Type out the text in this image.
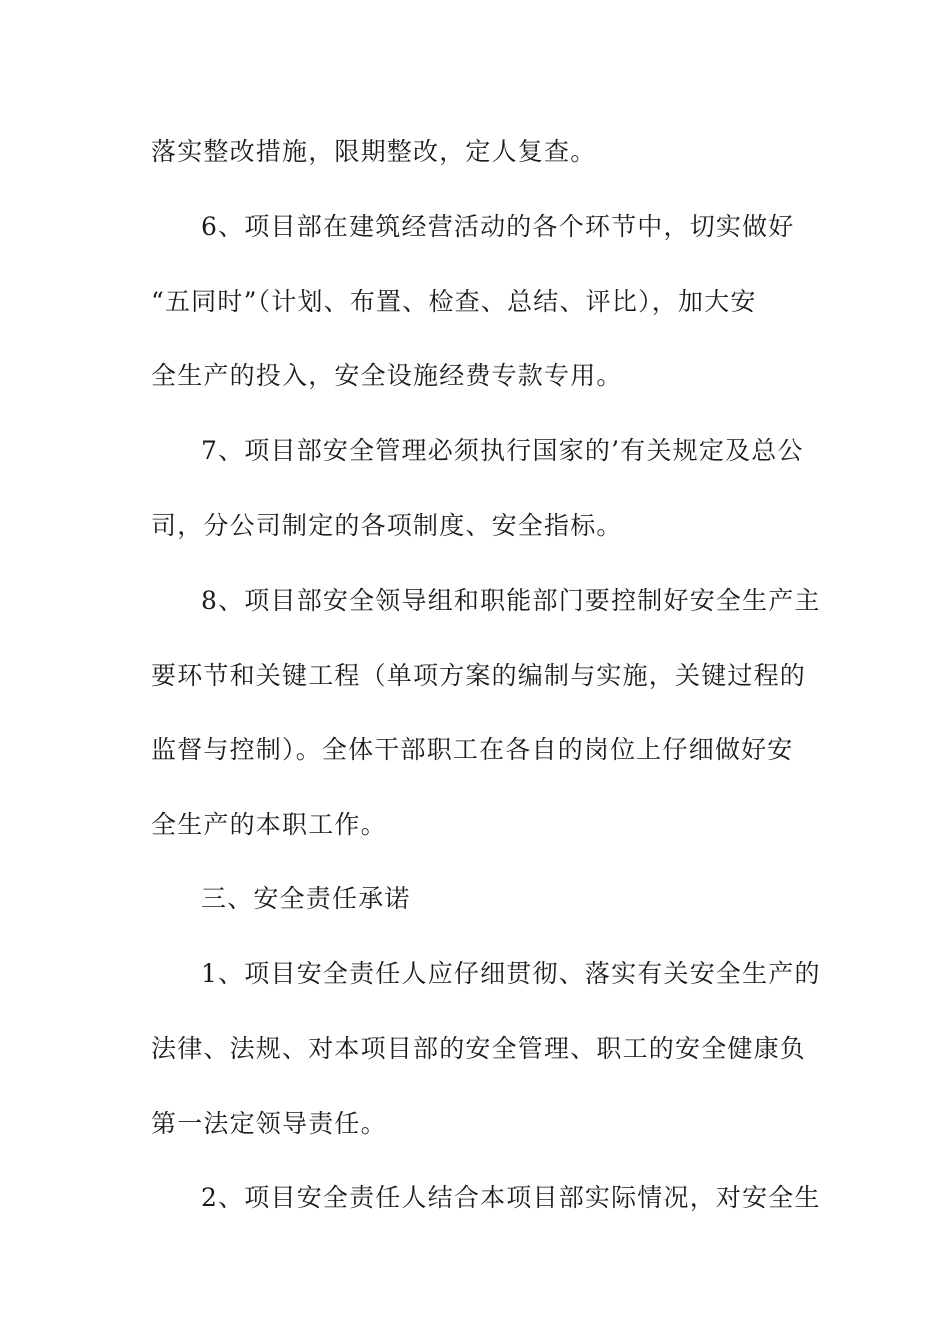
落实整改措施，限期整改，定人复查。
6、项目部在建筑经营活动的各个环节中，切实做好
“五同时”（计划、布置、检查、总结、评比），加大安
全生产的投入，安全设施经费专款专用。
7、项目部安全管理必须执行国家的’有关规定及总公
司，分公司制定的各项制度、安全指标。
8、项目部安全领导组和职能部门要控制好安全生产主
要环节和关键工程（单项方案的编制与实施，关键过程的
监督与控制）。全体干部职工在各自的岗位上仔细做好安
全生产的本职工作。
三、安全责任承诺
1、项目安全责任人应仔细贯彻、落实有关安全生产的
法律、法规、对本项目部的安全管理、职工的安全健康负
第一法定领导责任。
2、项目安全责任人结合本项目部实际情况，对安全生
